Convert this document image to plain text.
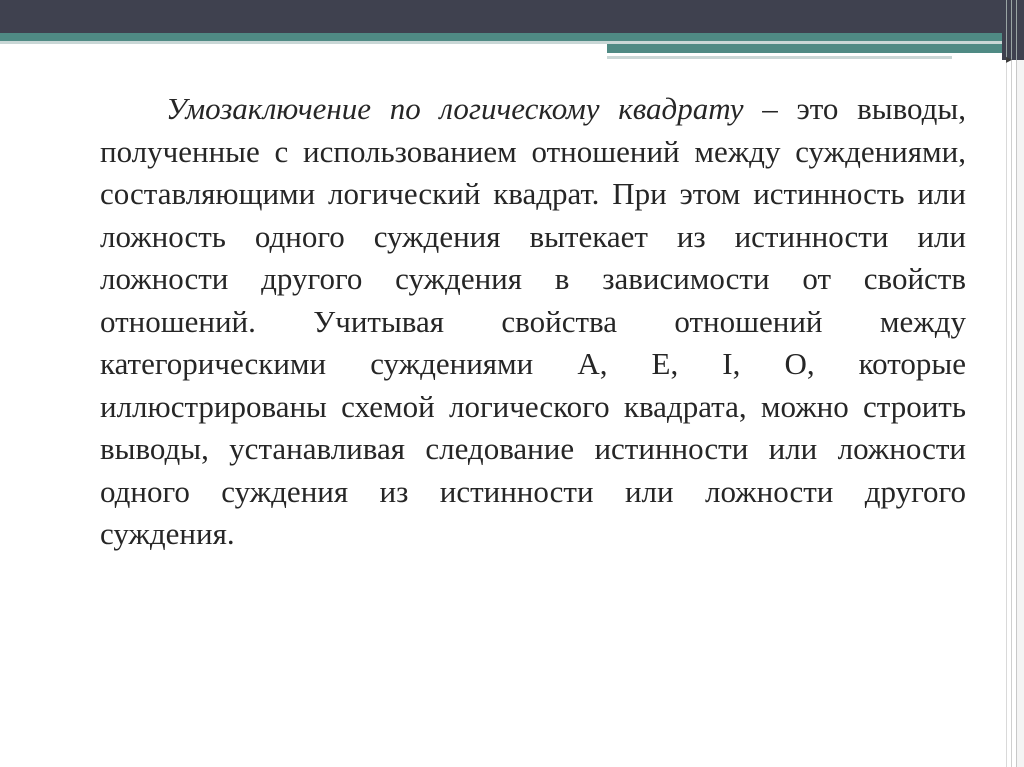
▸
Умозаключение по логическому квадрату – это выводы, полученные с использованием отношений между суждениями, составляющими логический квадрат. При этом истинность или ложность одного суждения вытекает из истинности или ложности другого суждения в зависимости от свойств отношений. Учитывая свойства отношений между категорическими суждениями A, E, I, O, которые иллюстрированы схемой логического квадрата, можно строить выводы, устанавливая следование истинности или ложности одного суждения из истинности или ложности другого суждения.
